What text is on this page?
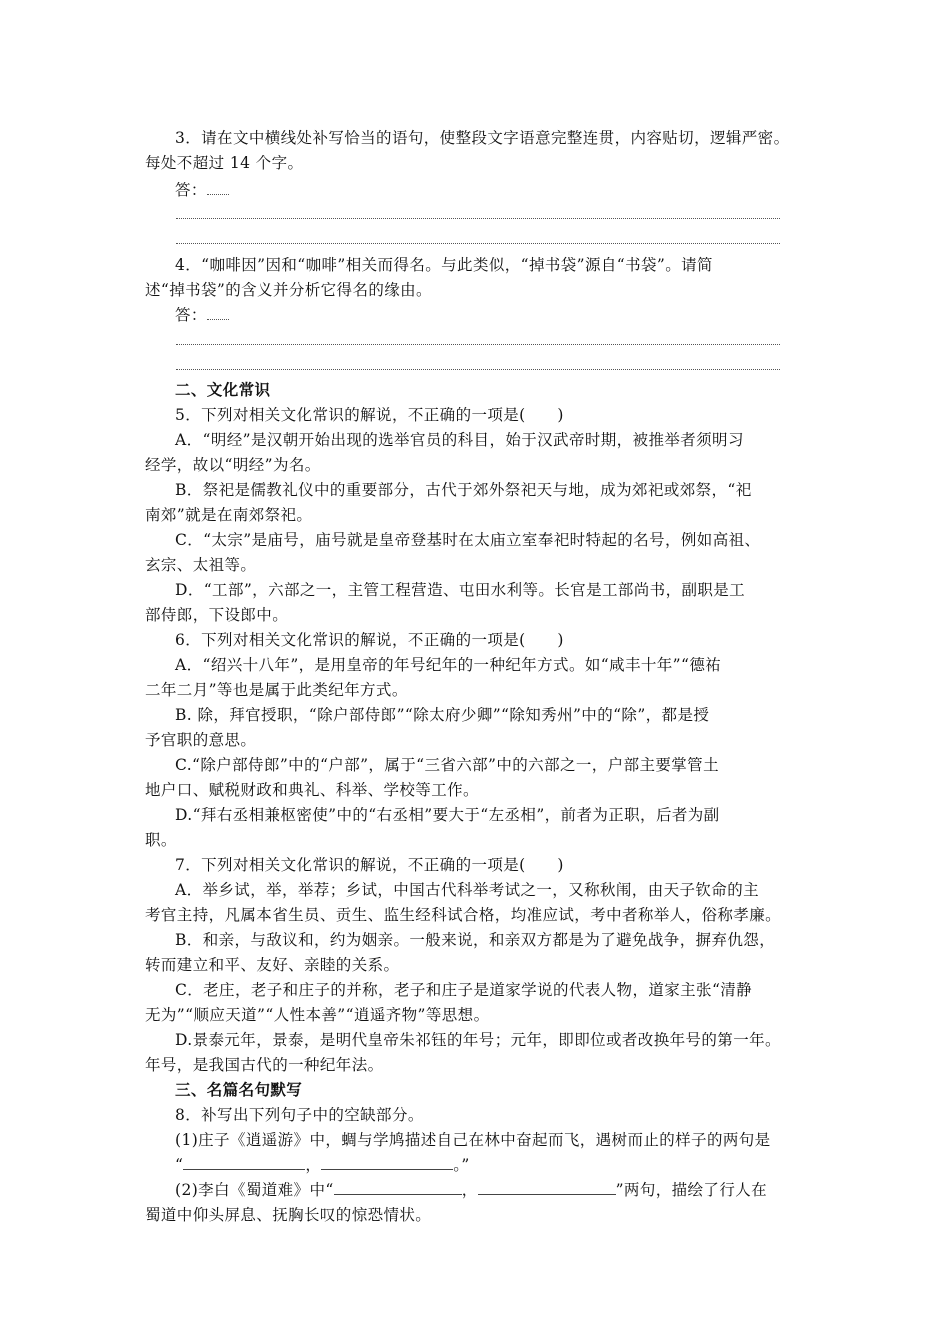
3．请在文中横线处补写恰当的语句，使整段文字语意完整连贯，内容贴切，逻辑严密。
每处不超过 14 个字。
答：
4．“咖啡因”因和“咖啡”相关而得名。与此类似，“掉书袋”源自“书袋”。请简
述“掉书袋”的含义并分析它得名的缘由。
答：
二、文化常识
5．下列对相关文化常识的解说，不正确的一项是(　　)
A．“明经”是汉朝开始出现的选举官员的科目，始于汉武帝时期，被推举者须明习
经学，故以“明经”为名。
B．祭祀是儒教礼仪中的重要部分，古代于郊外祭祀天与地，成为郊祀或郊祭，“祀
南郊”就是在南郊祭祀。
C．“太宗”是庙号，庙号就是皇帝登基时在太庙立室奉祀时特起的名号，例如高祖、
玄宗、太祖等。
D．“工部”，六部之一，主管工程营造、屯田水利等。长官是工部尚书，副职是工
部侍郎，下设郎中。
6．下列对相关文化常识的解说，不正确的一项是(　　)
A．“绍兴十八年”，是用皇帝的年号纪年的一种纪年方式。如“咸丰十年”“德祐
二年二月”等也是属于此类纪年方式。
B. 除，拜官授职，“除户部侍郎”“除太府少卿”“除知秀州”中的“除”，都是授
予官职的意思。
C.“除户部侍郎”中的“户部”，属于“三省六部”中的六部之一，户部主要掌管土
地户口、赋税财政和典礼、科举、学校等工作。
D.“拜右丞相兼枢密使”中的“右丞相”要大于“左丞相”，前者为正职，后者为副
职。
7．下列对相关文化常识的解说，不正确的一项是(　　)
A．举乡试，举，举荐；乡试，中国古代科举考试之一，又称秋闱，由天子钦命的主
考官主持，凡属本省生员、贡生、监生经科试合格，均准应试，考中者称举人，俗称孝廉。
B．和亲，与敌议和，约为姻亲。一般来说，和亲双方都是为了避免战争，摒弃仇怨，
转而建立和平、友好、亲睦的关系。
C．老庄，老子和庄子的并称，老子和庄子是道家学说的代表人物，道家主张“清静
无为”“顺应天道”“人性本善”“逍遥齐物”等思想。
D.景泰元年，景泰，是明代皇帝朱祁钰的年号；元年，即即位或者改换年号的第一年。
年号，是我国古代的一种纪年法。
三、名篇名句默写
8．补写出下列句子中的空缺部分。
(1)庄子《逍遥游》中，蜩与学鸠描述自己在林中奋起而飞，遇树而止的样子的两句是
“	，	。”
(2)李白《蜀道难》中“	，	”两句，描绘了行人在
蜀道中仰头屏息、抚胸长叹的惊恐情状。
